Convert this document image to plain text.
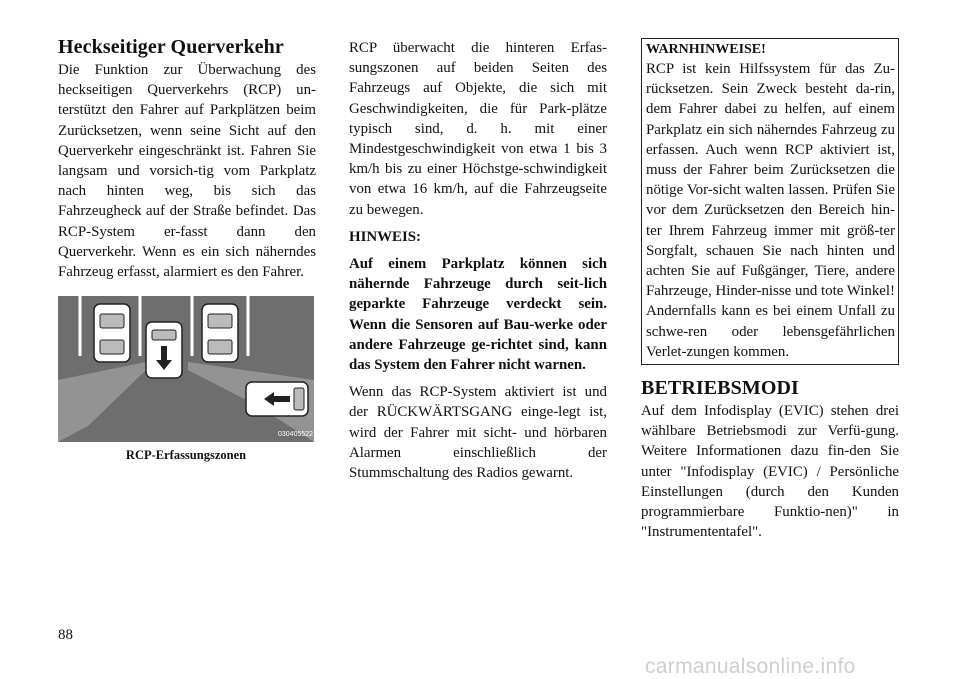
Heckseitiger Querverkehr

Die Funktion zur Überwachung des heckseitigen Querverkehrs (RCP) un-terstützt den Fahrer auf Parkplätzen beim Zurücksetzen, wenn seine Sicht auf den Querverkehr eingeschränkt ist. Fahren Sie langsam und vorsich-tig vom Parkplatz nach hinten weg, bis sich das Fahrzeugheck auf der Straße befindet. Das RCP-System er-fasst dann den Querverkehr. Wenn es ein sich näherndes Fahrzeug erfasst, alarmiert es den Fahrer.

030405522
RCP-Erfassungszonen

RCP überwacht die hinteren Erfas-sungszonen auf beiden Seiten des Fahrzeugs auf Objekte, die sich mit Geschwindigkeiten, die für Park-plätze typisch sind, d. h. mit einer Mindestgeschwindigkeit von etwa 1 bis 3 km/h bis zu einer Höchstge-schwindigkeit von etwa 16 km/h, auf die Fahrzeugseite zu bewegen.

HINWEIS:

Auf einem Parkplatz können sich nähernde Fahrzeuge durch seit-lich geparkte Fahrzeuge verdeckt sein. Wenn die Sensoren auf Bau-werke oder andere Fahrzeuge ge-richtet sind, kann das System den Fahrer nicht warnen.

Wenn das RCP-System aktiviert ist und der RÜCKWÄRTSGANG einge-legt ist, wird der Fahrer mit sicht- und hörbaren Alarmen einschließlich der Stummschaltung des Radios gewarnt.

WARNHINWEISE!

RCP ist kein Hilfssystem für das Zu-rücksetzen. Sein Zweck besteht da-rin, dem Fahrer dabei zu helfen, auf einem Parkplatz ein sich näherndes Fahrzeug zu erfassen. Auch wenn RCP aktiviert ist, muss der Fahrer beim Zurücksetzen die nötige Vor-sicht walten lassen. Prüfen Sie vor dem Zurücksetzen den Bereich hin-ter Ihrem Fahrzeug immer mit größ-ter Sorgfalt, schauen Sie nach hinten und achten Sie auf Fußgänger, Tiere, andere Fahrzeuge, Hinder-nisse und tote Winkel! Andernfalls kann es bei einem Unfall zu schwe-ren oder lebensgefährlichen Verlet-zungen kommen.

BETRIEBSMODI

Auf dem Infodisplay (EVIC) stehen drei wählbare Betriebsmodi zur Verfü-gung. Weitere Informationen dazu fin-den Sie unter "Infodisplay (EVIC) / Persönliche Einstellungen (durch den Kunden programmierbare Funktio-nen)" in "Instrumententafel".

88
carmanualsonline.info
